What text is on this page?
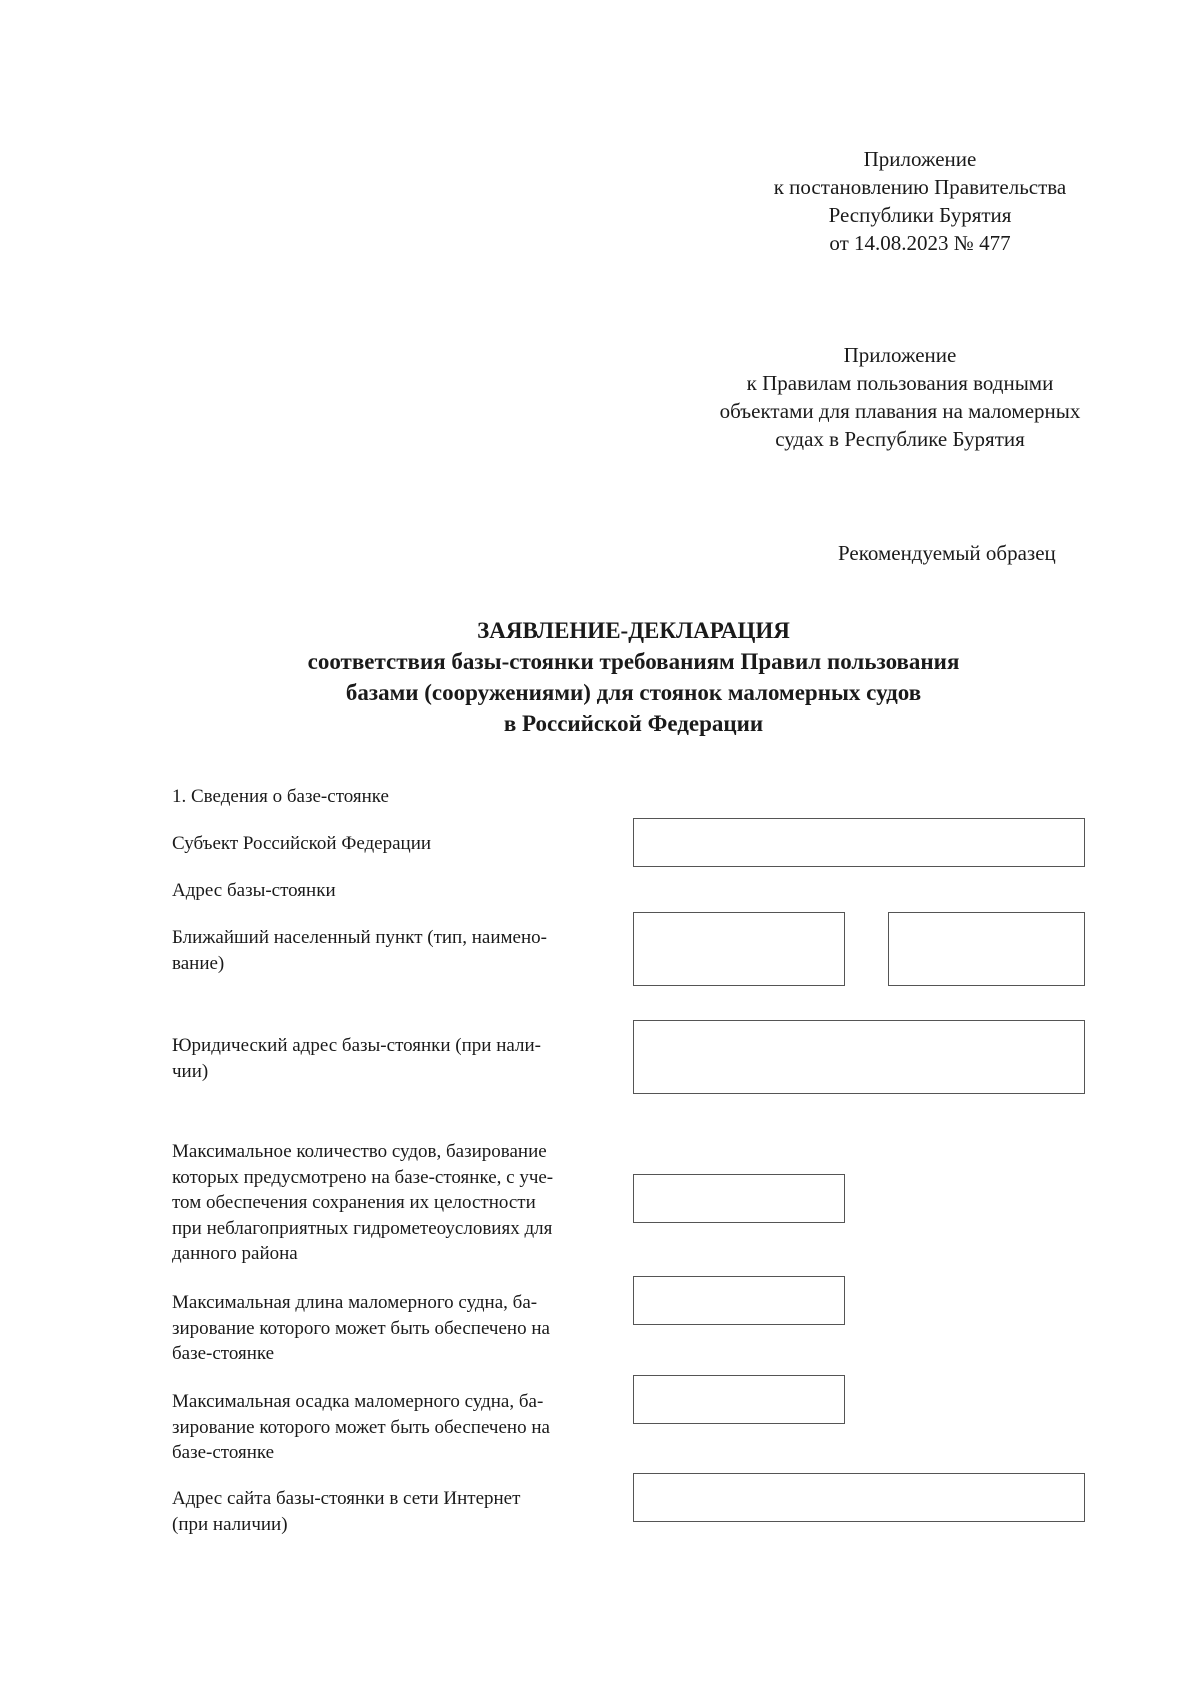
Приложение
к постановлению Правительства
Республики Бурятия
от 14.08.2023 № 477
Приложение
к Правилам пользования водными
объектами для плавания на маломерных
судах в Республике Бурятия
Рекомендуемый образец
ЗАЯВЛЕНИЕ-ДЕКЛАРАЦИЯ
соответствия базы-стоянки требованиям Правил пользования
базами (сооружениями) для стоянок маломерных судов
в Российской Федерации
1. Сведения о базе-стоянке
Субъект Российской Федерации
Адрес базы-стоянки
Ближайший населенный пункт (тип, наимено-
вание)
Юридический адрес базы-стоянки (при нали-
чии)
Максимальное количество судов, базирование
которых предусмотрено на базе-стоянке, с уче-
том обеспечения сохранения их целостности
при неблагоприятных гидрометеоусловиях для
данного района
Максимальная длина маломерного судна, ба-
зирование которого может быть обеспечено на
базе-стоянке
Максимальная осадка маломерного судна, ба-
зирование которого может быть обеспечено на
базе-стоянке
Адрес сайта базы-стоянки в сети Интернет
(при наличии)
